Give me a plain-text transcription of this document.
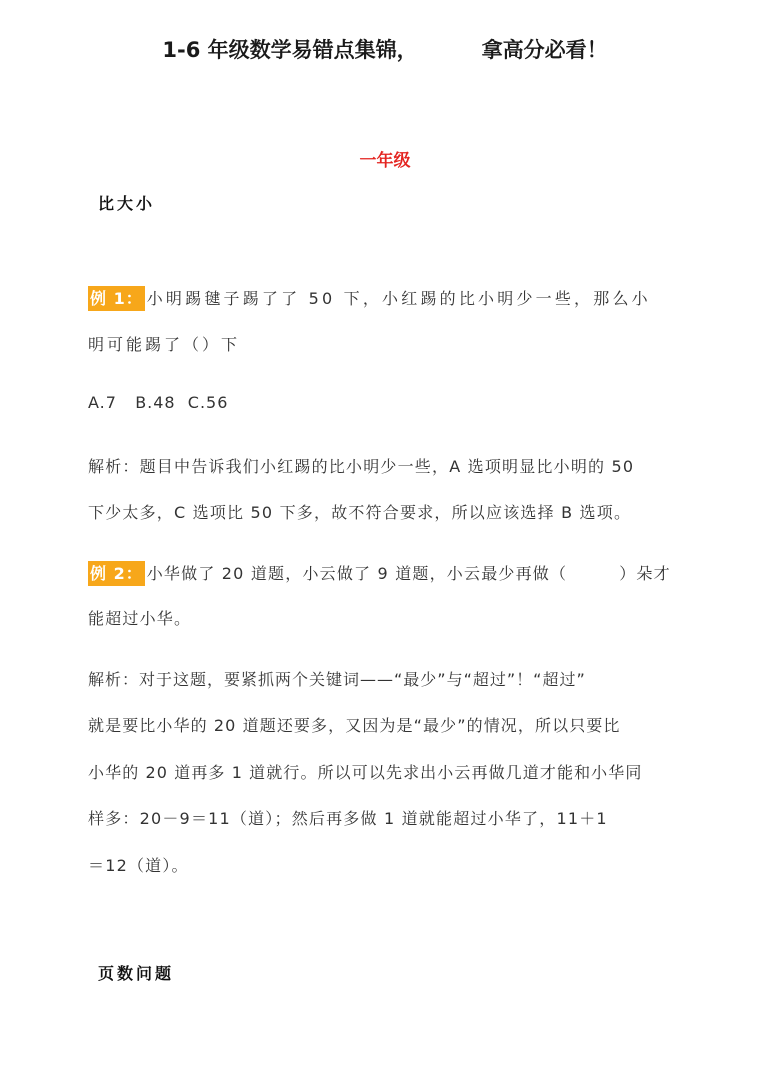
1-6 年级数学易错点集锦，	拿高分必看！
一年级
比大小
例 1： 小明踢毽子踢了了 50 下，小红踢的比小明少一些，那么小
明可能踢了（）下
A.7   B.48  C.56
解析：题目中告诉我们小红踢的比小明少一些，A 选项明显比小明的 50
下少太多，C 选项比 50 下多，故不符合要求，所以应该选择 B 选项。
例 2： 小华做了 20 道题，小云做了 9 道题，小云最少再做（	）朵才
能超过小华。
解析：对于这题，要紧抓两个关键词——“最少”与“超过”！“超过”
就是要比小华的 20 道题还要多，又因为是“最少”的情况，所以只要比
小华的 20 道再多 1 道就行。所以可以先求出小云再做几道才能和小华同
样多：20－9＝11（道）；然后再多做 1 道就能超过小华了，11＋1
＝12（道）。
页数问题
